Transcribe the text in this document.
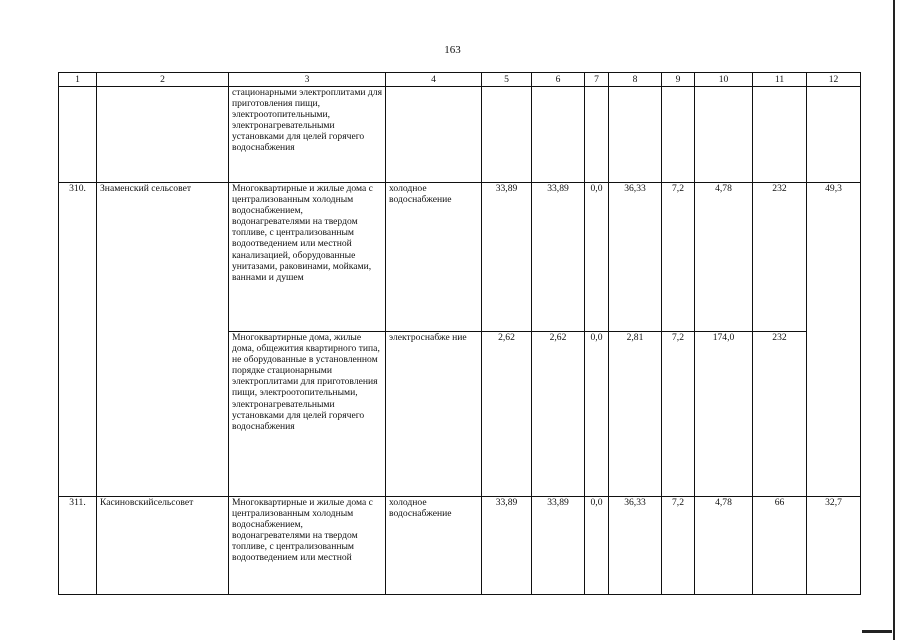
163
1	2	3	4	5	6	7	8	9	10	11	12
		стационарными электроплитами для приготовления пищи, электроотопительными, электронагревательными установками для целей горячего водоснабжения									
310.	Знаменский сельсовет	Многоквартирные и жилые дома с централизованным холодным водоснабжением, водонагревателями на твердом топливе, с централизованным водоотведением или местной канализацией, оборудованные унитазами, раковинами, мойками, ваннами и душем	холодное водоснабжение	33,89	33,89	0,0	36,33	7,2	4,78	232	49,3
		Многоквартирные дома, жилые дома, общежития квартирного типа, не оборудованные в установленном порядке стационарными электроплитами для приготовления пищи, электроотопительными, электронагревательными установками для целей горячего водоснабжения	электроснабже ние	2,62	2,62	0,0	2,81	7,2	174,0	232	
311.	Касиновскийсельсовет	Многоквартирные и жилые дома с централизованным холодным водоснабжением, водонагревателями на твердом топливе, с централизованным водоотведением или местной	холодное водоснабжение	33,89	33,89	0,0	36,33	7,2	4,78	66	32,7
